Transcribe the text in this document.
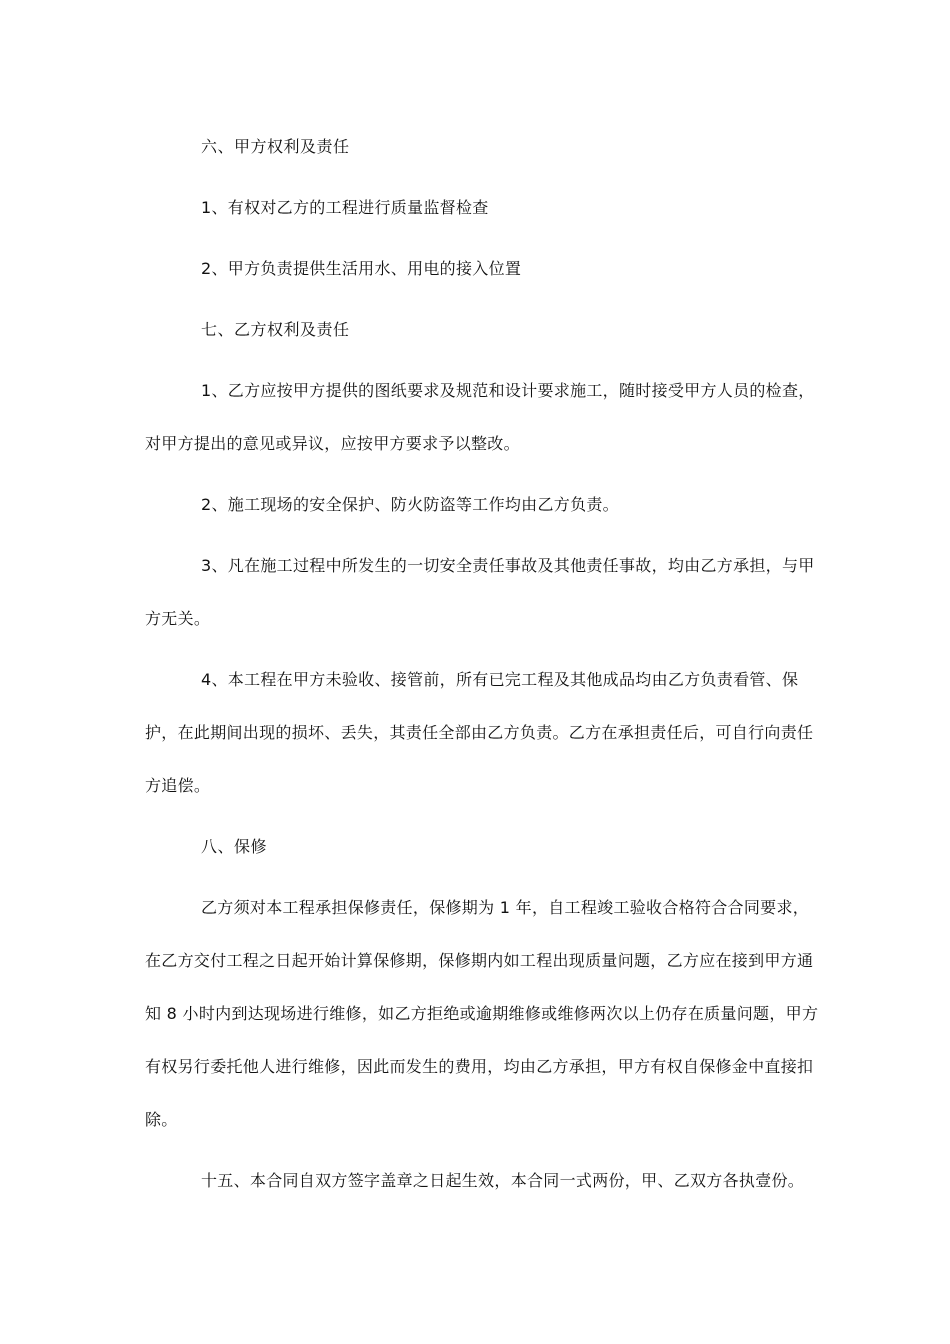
六、甲方权利及责任

1、有权对乙方的工程进行质量监督检查

2、甲方负责提供生活用水、用电的接入位置

七、乙方权利及责任

1、乙方应按甲方提供的图纸要求及规范和设计要求施工，随时接受甲方人员的检查，对甲方提出的意见或异议，应按甲方要求予以整改。

2、施工现场的安全保护、防火防盗等工作均由乙方负责。

3、凡在施工过程中所发生的一切安全责任事故及其他责任事故，均由乙方承担，与甲方无关。

4、本工程在甲方未验收、接管前，所有已完工程及其他成品均由乙方负责看管、保护，在此期间出现的损坏、丢失，其责任全部由乙方负责。乙方在承担责任后，可自行向责任方追偿。

八、保修

乙方须对本工程承担保修责任，保修期为 1 年，自工程竣工验收合格符合合同要求，在乙方交付工程之日起开始计算保修期，保修期内如工程出现质量问题，乙方应在接到甲方通知 8 小时内到达现场进行维修，如乙方拒绝或逾期维修或维修两次以上仍存在质量问题，甲方有权另行委托他人进行维修，因此而发生的费用，均由乙方承担，甲方有权自保修金中直接扣除。

十五、本合同自双方签字盖章之日起生效，本合同一式两份，甲、乙双方各执壹份。
